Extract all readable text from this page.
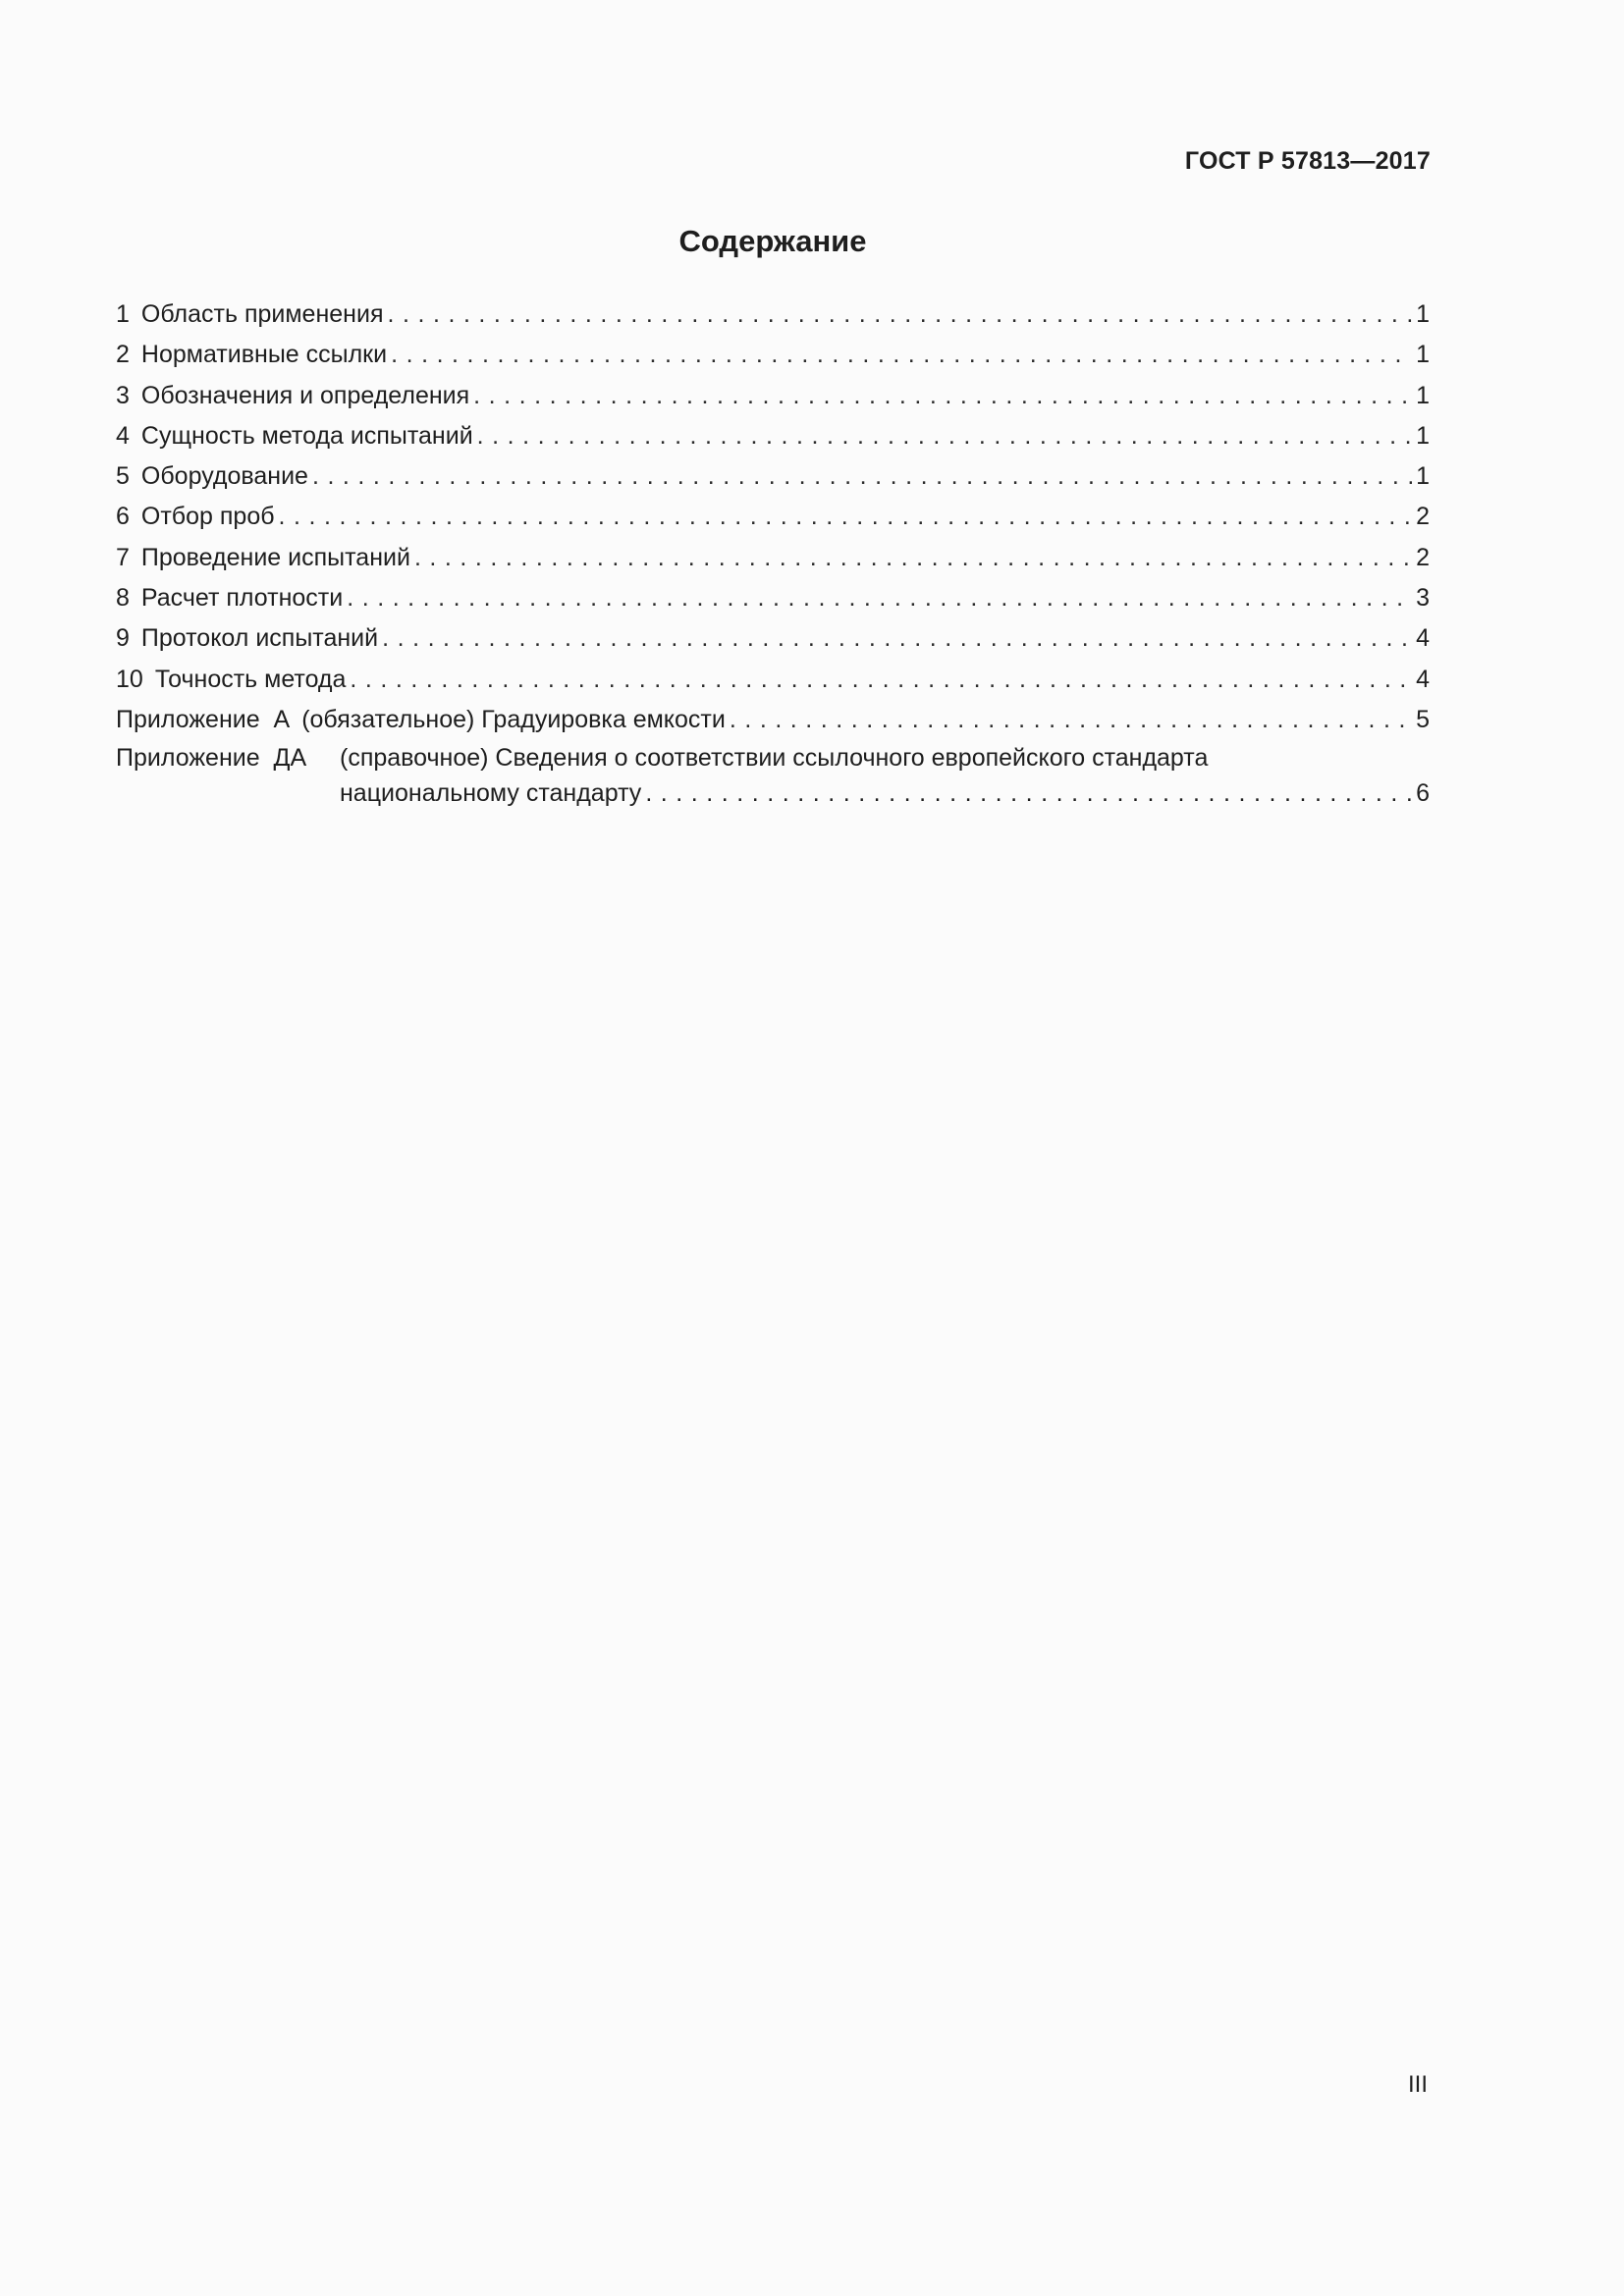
ГОСТ Р 57813—2017
Содержание
1 Область применения . . .	1
2 Нормативные ссылки . . .	1
3 Обозначения и определения . . .	1
4 Сущность метода испытаний . . .	1
5 Оборудование . . .	1
6 Отбор проб . . .	2
7 Проведение испытаний . . .	2
8 Расчет плотности . . .	3
9 Протокол испытаний . . .	4
10 Точность метода . . .	4
Приложение  А (обязательное) Градуировка емкости . . .	5
Приложение  ДА	(справочное) Сведения о соответствии ссылочного европейского стандарта
национальному стандарту . . .	6
III
